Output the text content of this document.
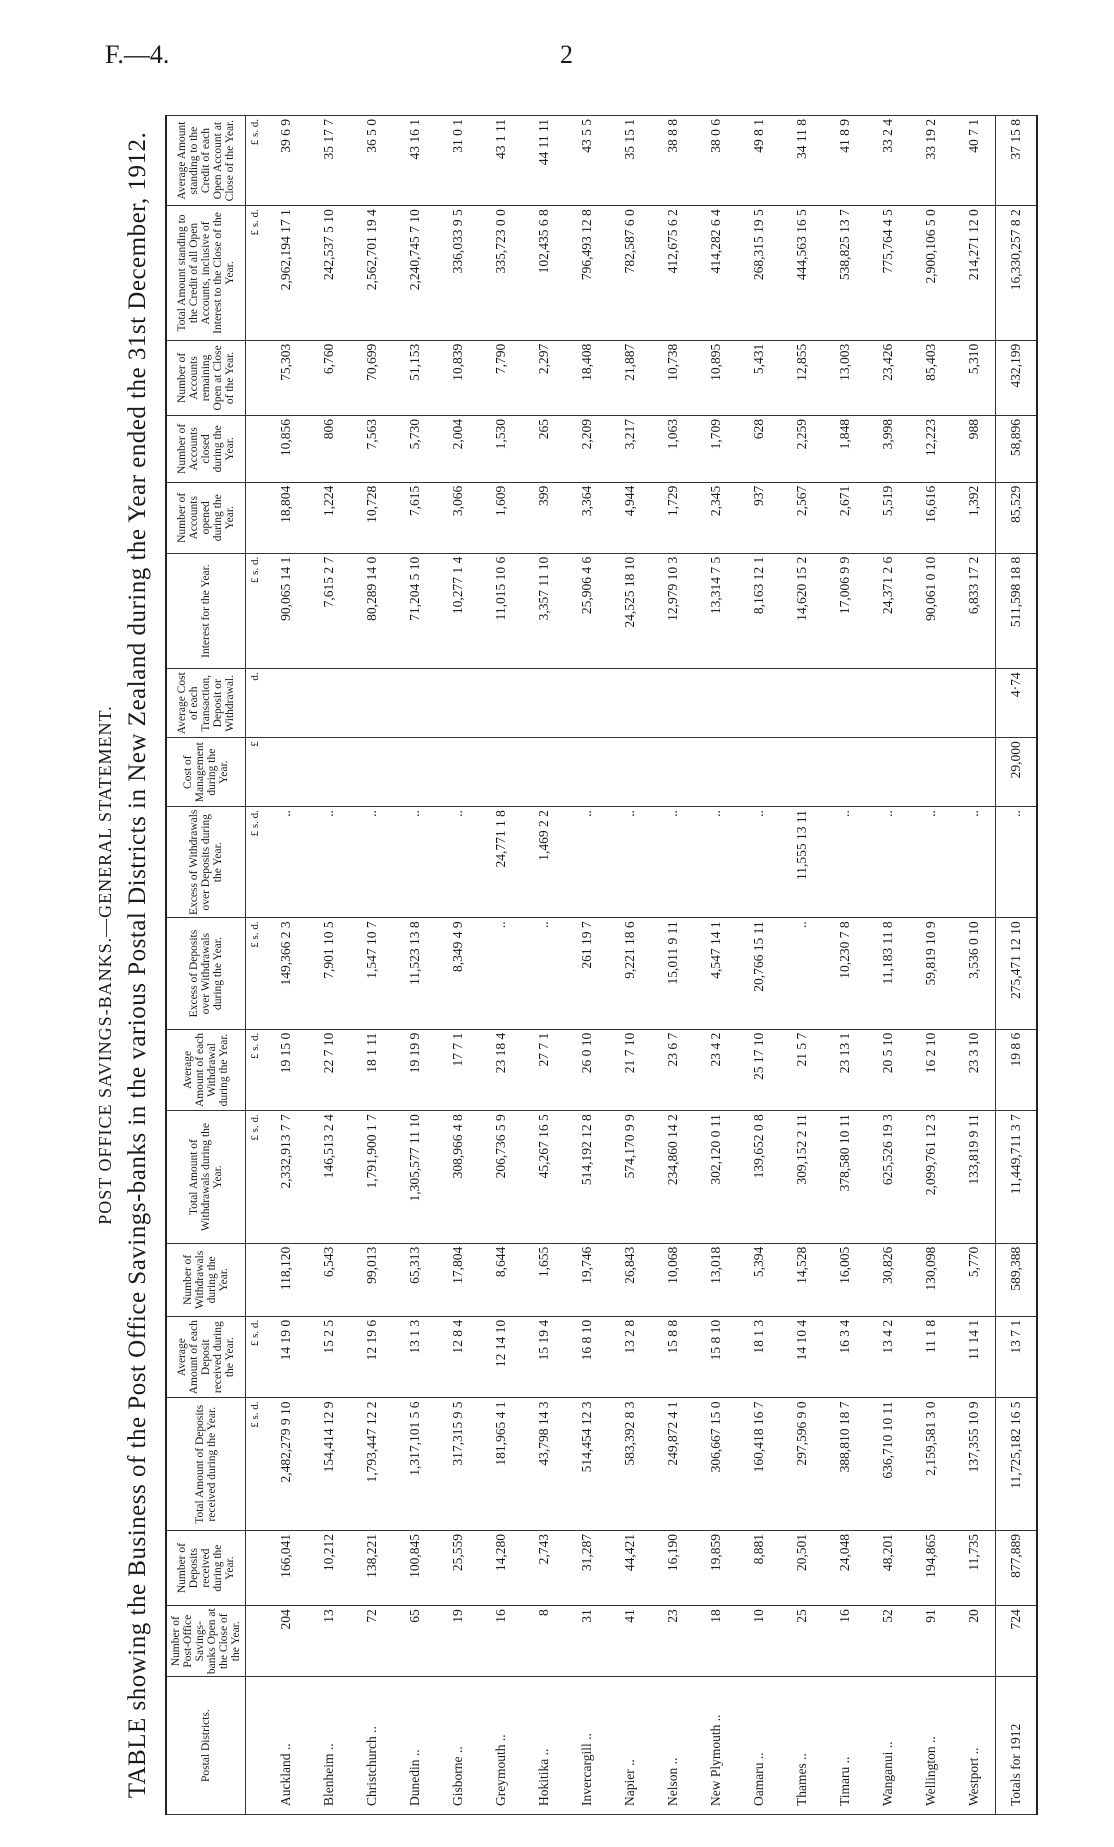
F.—4.	2
POST OFFICE SAVINGS-BANKS.—GENERAL STATEMENT. TABLE showing the Business of the Post Office Savings-banks in the various Postal Districts in New Zealand during the Year ended the 31st December, 1912.	Postal Districts.	Number of Post-Office Savings-banks Open at the Close of the Year.	Number of Deposits received during the Year.	Total Amount of Deposits received during the Year.	Average Amount of each Deposit received during the Year.	Number of Withdrawals during the Year.	Total Amount of Withdrawals during the Year.	Average Amount of each Withdrawal during the Year.	Excess of Deposits over Withdrawals during the Year.	Excess of Withdrawals over Deposits during the Year.	Cost of Management during the Year.	Average Cost of each Transaction, Deposit or Withdrawal.	Interest for the Year.	Number of Accounts opened during the Year.	Number of Accounts closed during the Year.	Number of Accounts remaining Open at Close of the Year.	Total Amount standing to the Credit of all Open Accounts, inclusive of Interest to the Close of the Year.	Average Amount standing to the Credit of each Open Account at Close of the Year.
			£ s. d.	£ s. d.		£ s. d.	£ s. d.	£ s. d.	£ s. d.	£	d.	£ s. d.				£ s. d.	£ s. d.
Auckland ..	204	166,041	2,482,279 9 10	14 19 0	118,120	2,332,913 7 7	19 15 0	149,366 2 3	..			90,065 14 1	18,804	10,856	75,303	2,962,194 17 1	39 6 9
Blenheim ..	13	10,212	154,414 12 9	15 2 5	6,543	146,513 2 4	22 7 10	7,901 10 5	..			7,615 2 7	1,224	806	6,760	242,537 5 10	35 17 7
Christchurch ..	72	138,221	1,793,447 12 2	12 19 6	99,013	1,791,900 1 7	18 1 11	1,547 10 7	..			80,289 14 0	10,728	7,563	70,699	2,562,701 19 4	36 5 0
Dunedin ..	65	100,845	1,317,101 5 6	13 1 3	65,313	1,305,577 11 10	19 19 9	11,523 13 8	..			71,204 5 10	7,615	5,730	51,153	2,240,745 7 10	43 16 1
Gisborne ..	19	25,559	317,315 9 5	12 8 4	17,804	308,966 4 8	17 7 1	8,349 4 9	..			10,277 1 4	3,066	2,004	10,839	336,033 9 5	31 0 1
Greymouth ..	16	14,280	181,965 4 1	12 14 10	8,644	206,736 5 9	23 18 4	..	24,771 1 8			11,015 10 6	1,609	1,530	7,790	335,723 0 0	43 1 11
Hokitika ..	8	2,743	43,798 14 3	15 19 4	1,655	45,267 16 5	27 7 1	..	1,469 2 2			3,357 11 10	399	265	2,297	102,435 6 8	44 11 11
Invercargill ..	31	31,287	514,454 12 3	16 8 10	19,746	514,192 12 8	26 0 10	261 19 7	..			25,906 4 6	3,364	2,209	18,408	796,493 12 8	43 5 5
Napier ..	41	44,421	583,392 8 3	13 2 8	26,843	574,170 9 9	21 7 10	9,221 18 6	..			24,525 18 10	4,944	3,217	21,887	782,587 6 0	35 15 1
Nelson ..	23	16,190	249,872 4 1	15 8 8	10,068	234,860 14 2	23 6 7	15,011 9 11	..			12,979 10 3	1,729	1,063	10,738	412,675 6 2	38 8 8
New Plymouth ..	18	19,859	306,667 15 0	15 8 10	13,018	302,120 0 11	23 4 2	4,547 14 1	..			13,314 7 5	2,345	1,709	10,895	414,282 6 4	38 0 6
Oamaru ..	10	8,881	160,418 16 7	18 1 3	5,394	139,652 0 8	25 17 10	20,766 15 11	..			8,163 12 1	937	628	5,431	268,315 19 5	49 8 1
Thames ..	25	20,501	297,596 9 0	14 10 4	14,528	309,152 2 11	21 5 7	..	11,555 13 11			14,620 15 2	2,567	2,259	12,855	444,563 16 5	34 11 8
Timaru ..	16	24,048	388,810 18 7	16 3 4	16,005	378,580 10 11	23 13 1	10,230 7 8	..			17,006 9 9	2,671	1,848	13,003	538,825 13 7	41 8 9
Wanganui ..	52	48,201	636,710 10 11	13 4 2	30,826	625,526 19 3	20 5 10	11,183 11 8	..			24,371 2 6	5,519	3,998	23,426	775,764 4 5	33 2 4
Wellington ..	91	194,865	2,159,581 3 0	11 1 8	130,098	2,099,761 12 3	16 2 10	59,819 10 9	..			90,061 0 10	16,616	12,223	85,403	2,900,106 5 0	33 19 2
Westport ..	20	11,735	137,355 10 9	11 14 1	5,770	133,819 9 11	23 3 10	3,536 0 10	..			6,833 17 2	1,392	988	5,310	214,271 12 0	40 7 1
Totals for 1912	724	877,889	11,725,182 16 5	13 7 1	589,388	11,449,711 3 7	19 8 6	275,471 12 10	..	29,000	4·74	511,598 18 8	85,529	58,896	432,199	16,330,257 8 2	37 15 8
